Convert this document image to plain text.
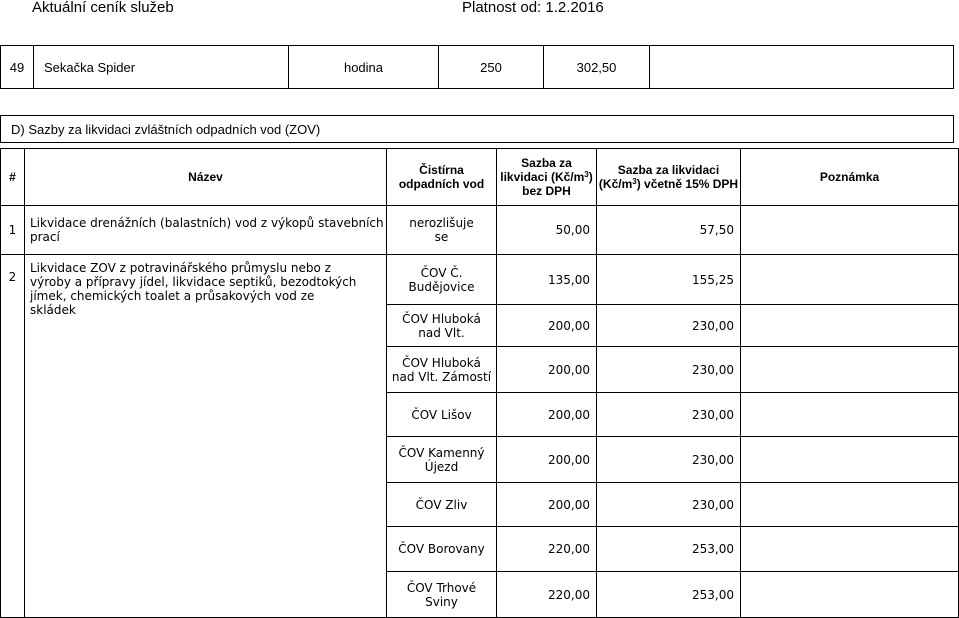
Aktuální ceník služeb	Platnost od: 1.2.2016
49	Sekačka Spider	hodina	250	302,50	
D) Sazby za likvidaci zvláštních odpadních vod (ZOV)
#	Název	Čistírna odpadních vod	Sazba za likvidaci $(Kč/m^3)$ bez DPH	Sazba za likvidaci $(Kč/m^3)$ včetně 15% DPH	Poznámka
1	Likvidace drenážních (balastních) vod z výkopů stavebních prací	nerozlišuje se	50,00	57,50	
2	Likvidace ZOV z potravinářského průmyslu nebo z výroby a přípravy jídel, likvidace septiků, bezodtokých jímek, chemických toalet a průsakových vod ze skládek	ČOV Č. Budějovice	135,00	155,25	
		ČOV Hluboká nad Vlt.	200,00	230,00	
		ČOV Hluboká nad Vlt. Zámostí	200,00	230,00	
		ČOV Lišov	200,00	230,00	
		ČOV Kamenný Újezd	200,00	230,00	
		ČOV Zliv	200,00	230,00	
		ČOV Borovany	220,00	253,00	
		ČOV Trhové Sviny	220,00	253,00	
